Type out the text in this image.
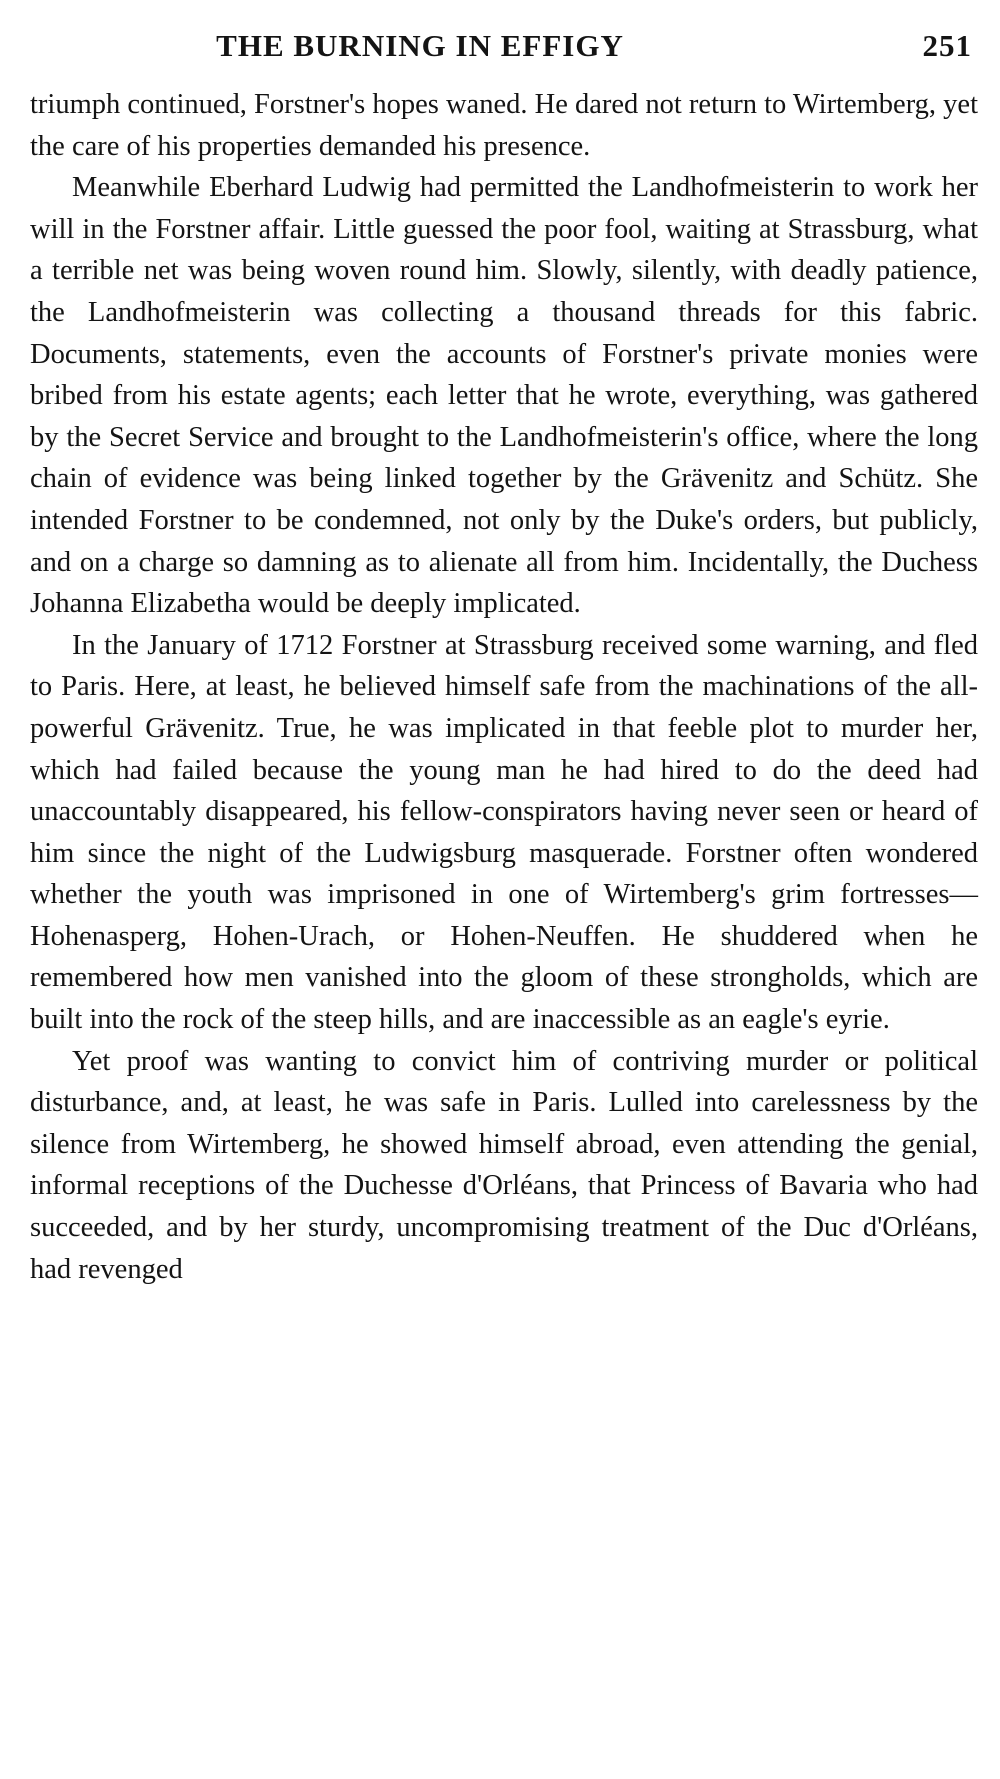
THE BURNING IN EFFIGY	251

triumph continued, Forstner's hopes waned. He dared not return to Wirtemberg, yet the care of his properties demanded his presence.

Meanwhile Eberhard Ludwig had permitted the Landhofmeisterin to work her will in the Forstner affair. Little guessed the poor fool, waiting at Strassburg, what a terrible net was being woven round him. Slowly, silently, with deadly patience, the Landhofmeisterin was collecting a thousand threads for this fabric. Documents, statements, even the accounts of Forstner's private monies were bribed from his estate agents; each letter that he wrote, everything, was gathered by the Secret Service and brought to the Landhofmeisterin's office, where the long chain of evidence was being linked together by the Grävenitz and Schütz. She intended Forstner to be condemned, not only by the Duke's orders, but publicly, and on a charge so damning as to alienate all from him. Incidentally, the Duchess Johanna Elizabetha would be deeply implicated.

In the January of 1712 Forstner at Strassburg received some warning, and fled to Paris. Here, at least, he believed himself safe from the machinations of the all-powerful Grävenitz. True, he was implicated in that feeble plot to murder her, which had failed because the young man he had hired to do the deed had unaccountably disappeared, his fellow-conspirators having never seen or heard of him since the night of the Ludwigsburg masquerade. Forstner often wondered whether the youth was imprisoned in one of Wirtemberg's grim fortresses—Hohenasperg, Hohen-Urach, or Hohen-Neuffen. He shuddered when he remembered how men vanished into the gloom of these strongholds, which are built into the rock of the steep hills, and are inaccessible as an eagle's eyrie.

Yet proof was wanting to convict him of contriving murder or political disturbance, and, at least, he was safe in Paris. Lulled into carelessness by the silence from Wirtemberg, he showed himself abroad, even attending the genial, informal receptions of the Duchesse d'Orléans, that Princess of Bavaria who had succeeded, and by her sturdy, uncompromising treatment of the Duc d'Orléans, had revenged
